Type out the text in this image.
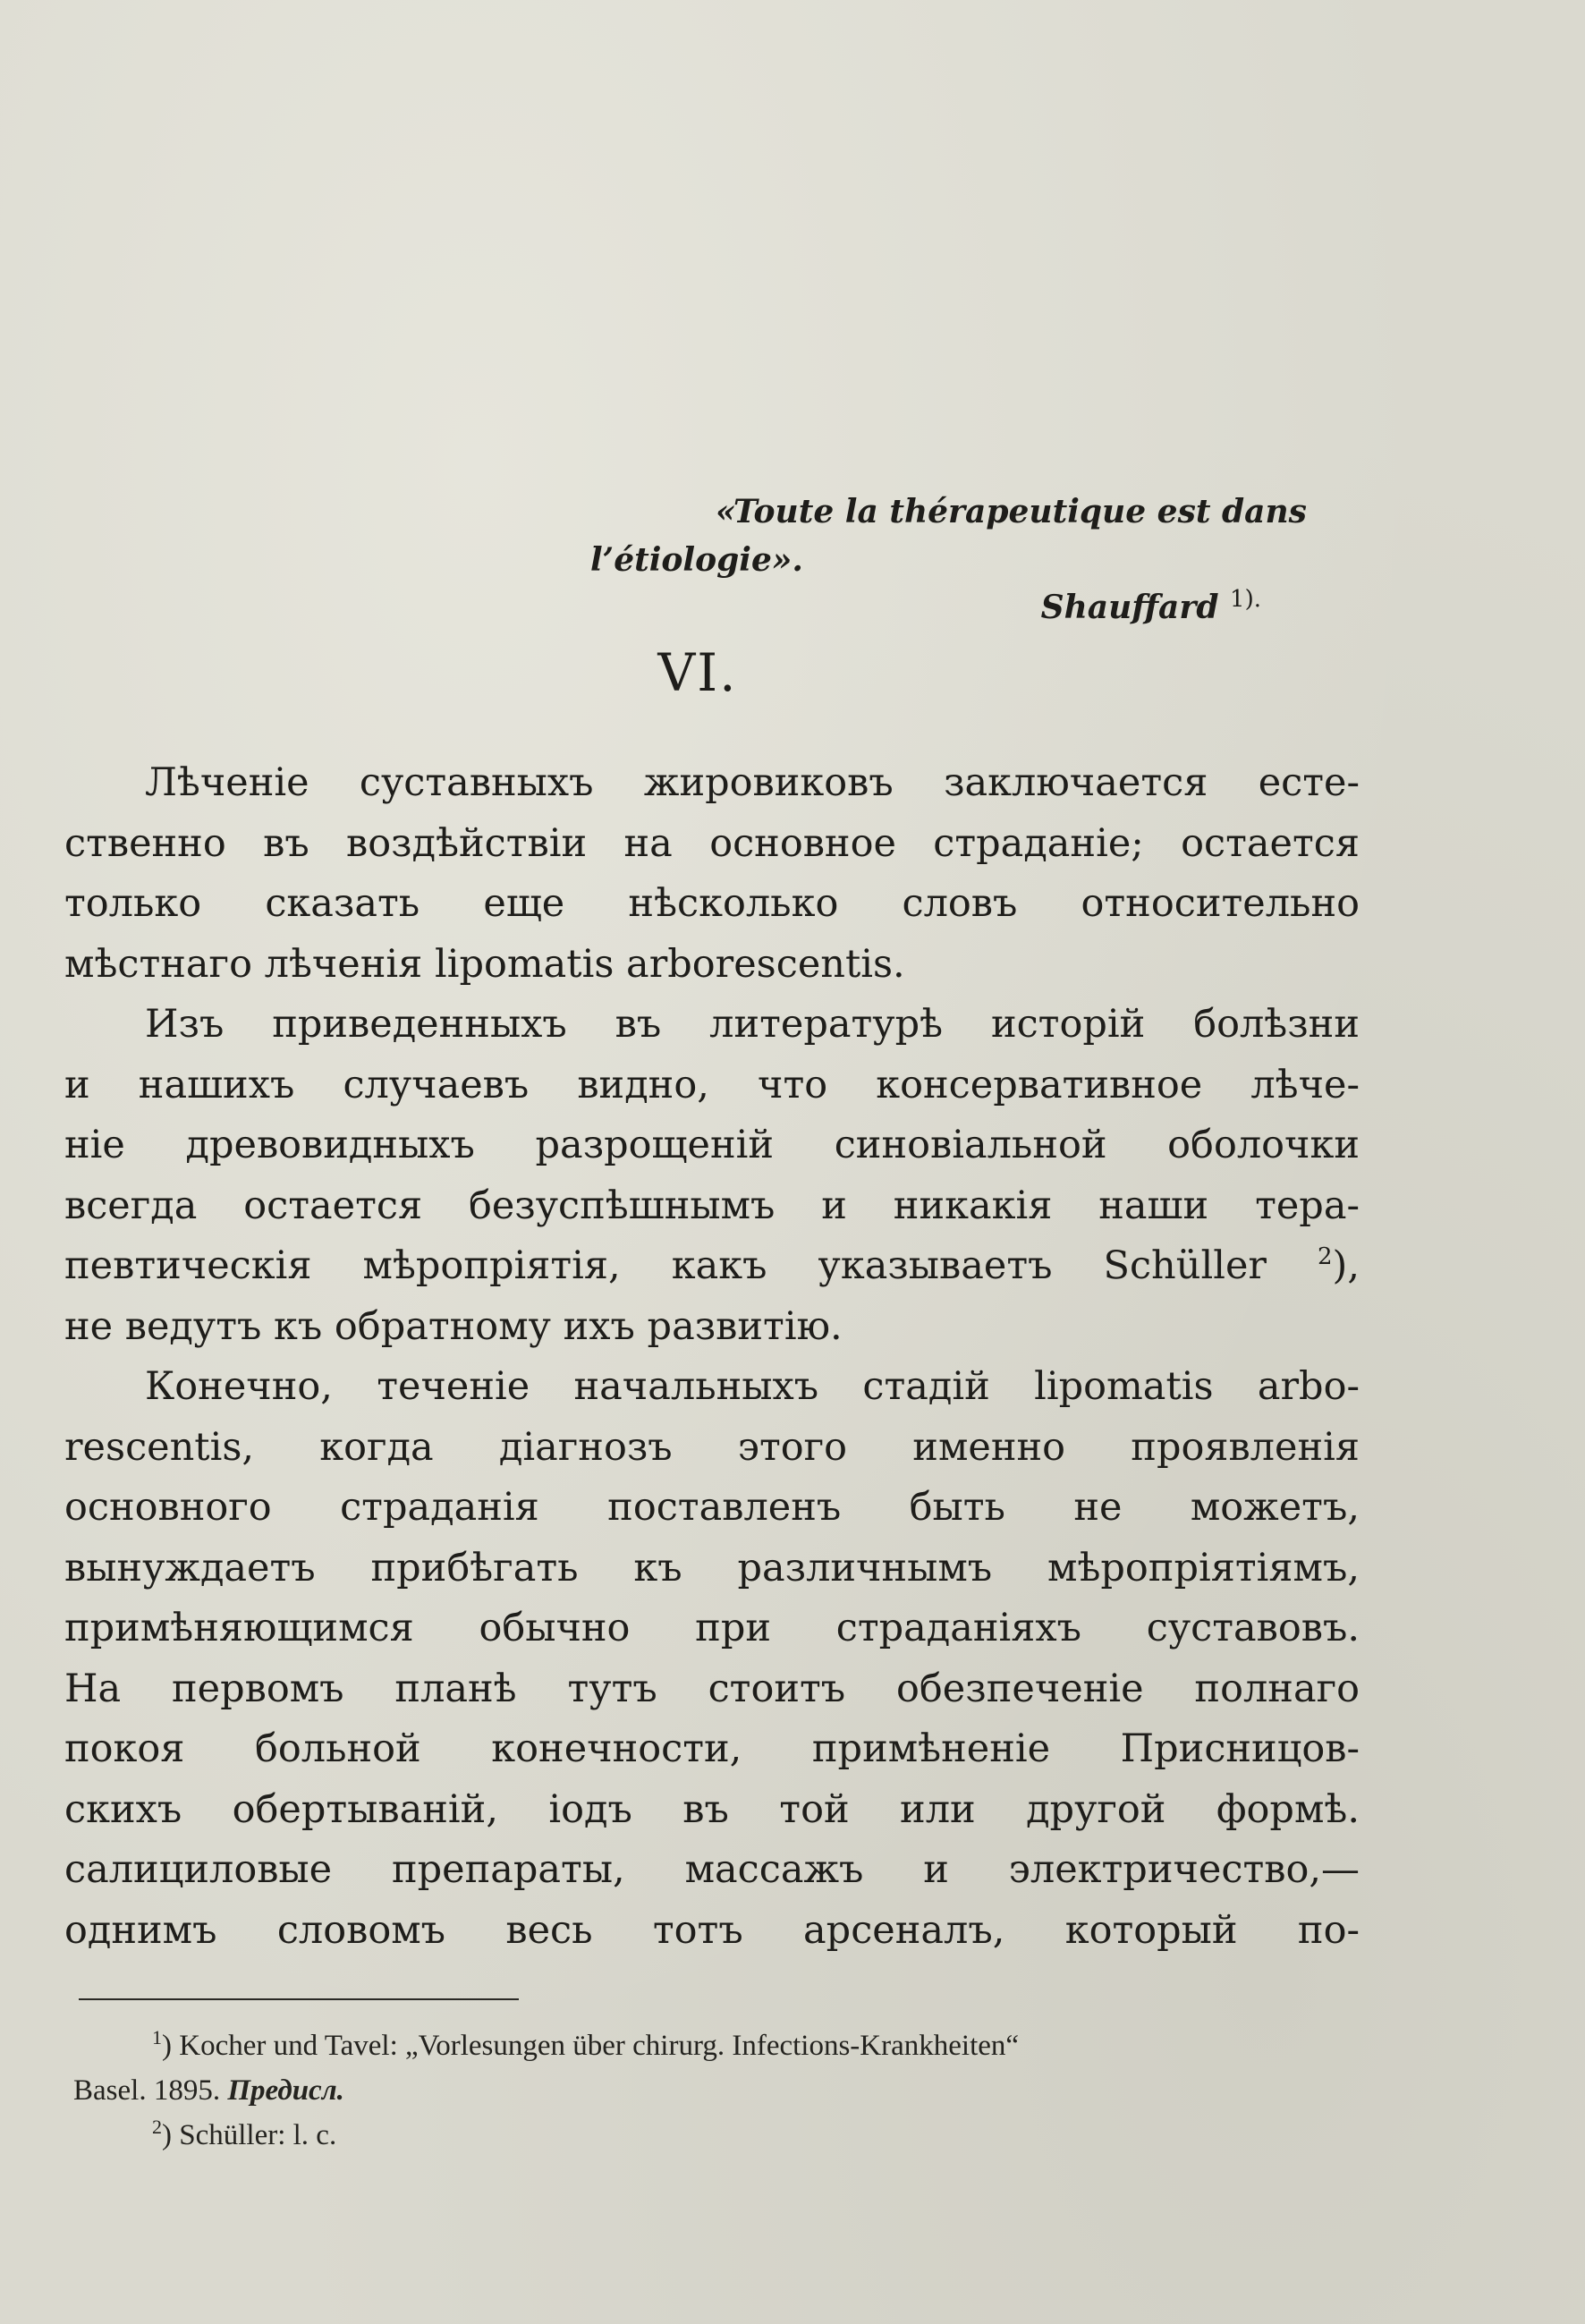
«Toute la thérapeutique est dans
l’étiologie».
Shauffard $^{1).}$
VI.
Лѣченіе суставныхъ жировиковъ заключается есте-
ственно въ воздѣйствіи на основное страданіе; остается
только сказать еще нѣсколько словъ относительно
мѣстнаго лѣченія lipomatis arborescentis.
Изъ приведенныхъ въ литературѣ исторій болѣзни
и нашихъ случаевъ видно, что консервативное лѣче-
ніе древовидныхъ разрощеній синовіальной оболочки
всегда остается безуспѣшнымъ и никакія наши тера-
певтическія мѣропріятія, какъ указываетъ Schüller $^2$),
не ведутъ къ обратному ихъ развитію.
Конечно, теченіе начальныхъ стадій lipomatis arbo-
rescentis, когда діагнозъ этого именно проявленія
основного страданія поставленъ быть не можетъ,
вынуждаетъ прибѣгать къ различнымъ мѣропріятіямъ,
примѣняющимся обычно при страданіяхъ суставовъ.
На первомъ планѣ тутъ стоитъ обезпеченіе полнаго
покоя больной конечности, примѣненіе Присницов-
скихъ обертываній, іодъ въ той или другой формѣ.
салициловые препараты, массажъ и электричество,—
однимъ словомъ весь тотъ арсеналъ, который по-
$^1$) Kocher und Tavel: „Vorlesungen über chirurg. Infections-Krankheiten“
Basel. 1895. Предисл.
$^2$) Schüller: l. c.
